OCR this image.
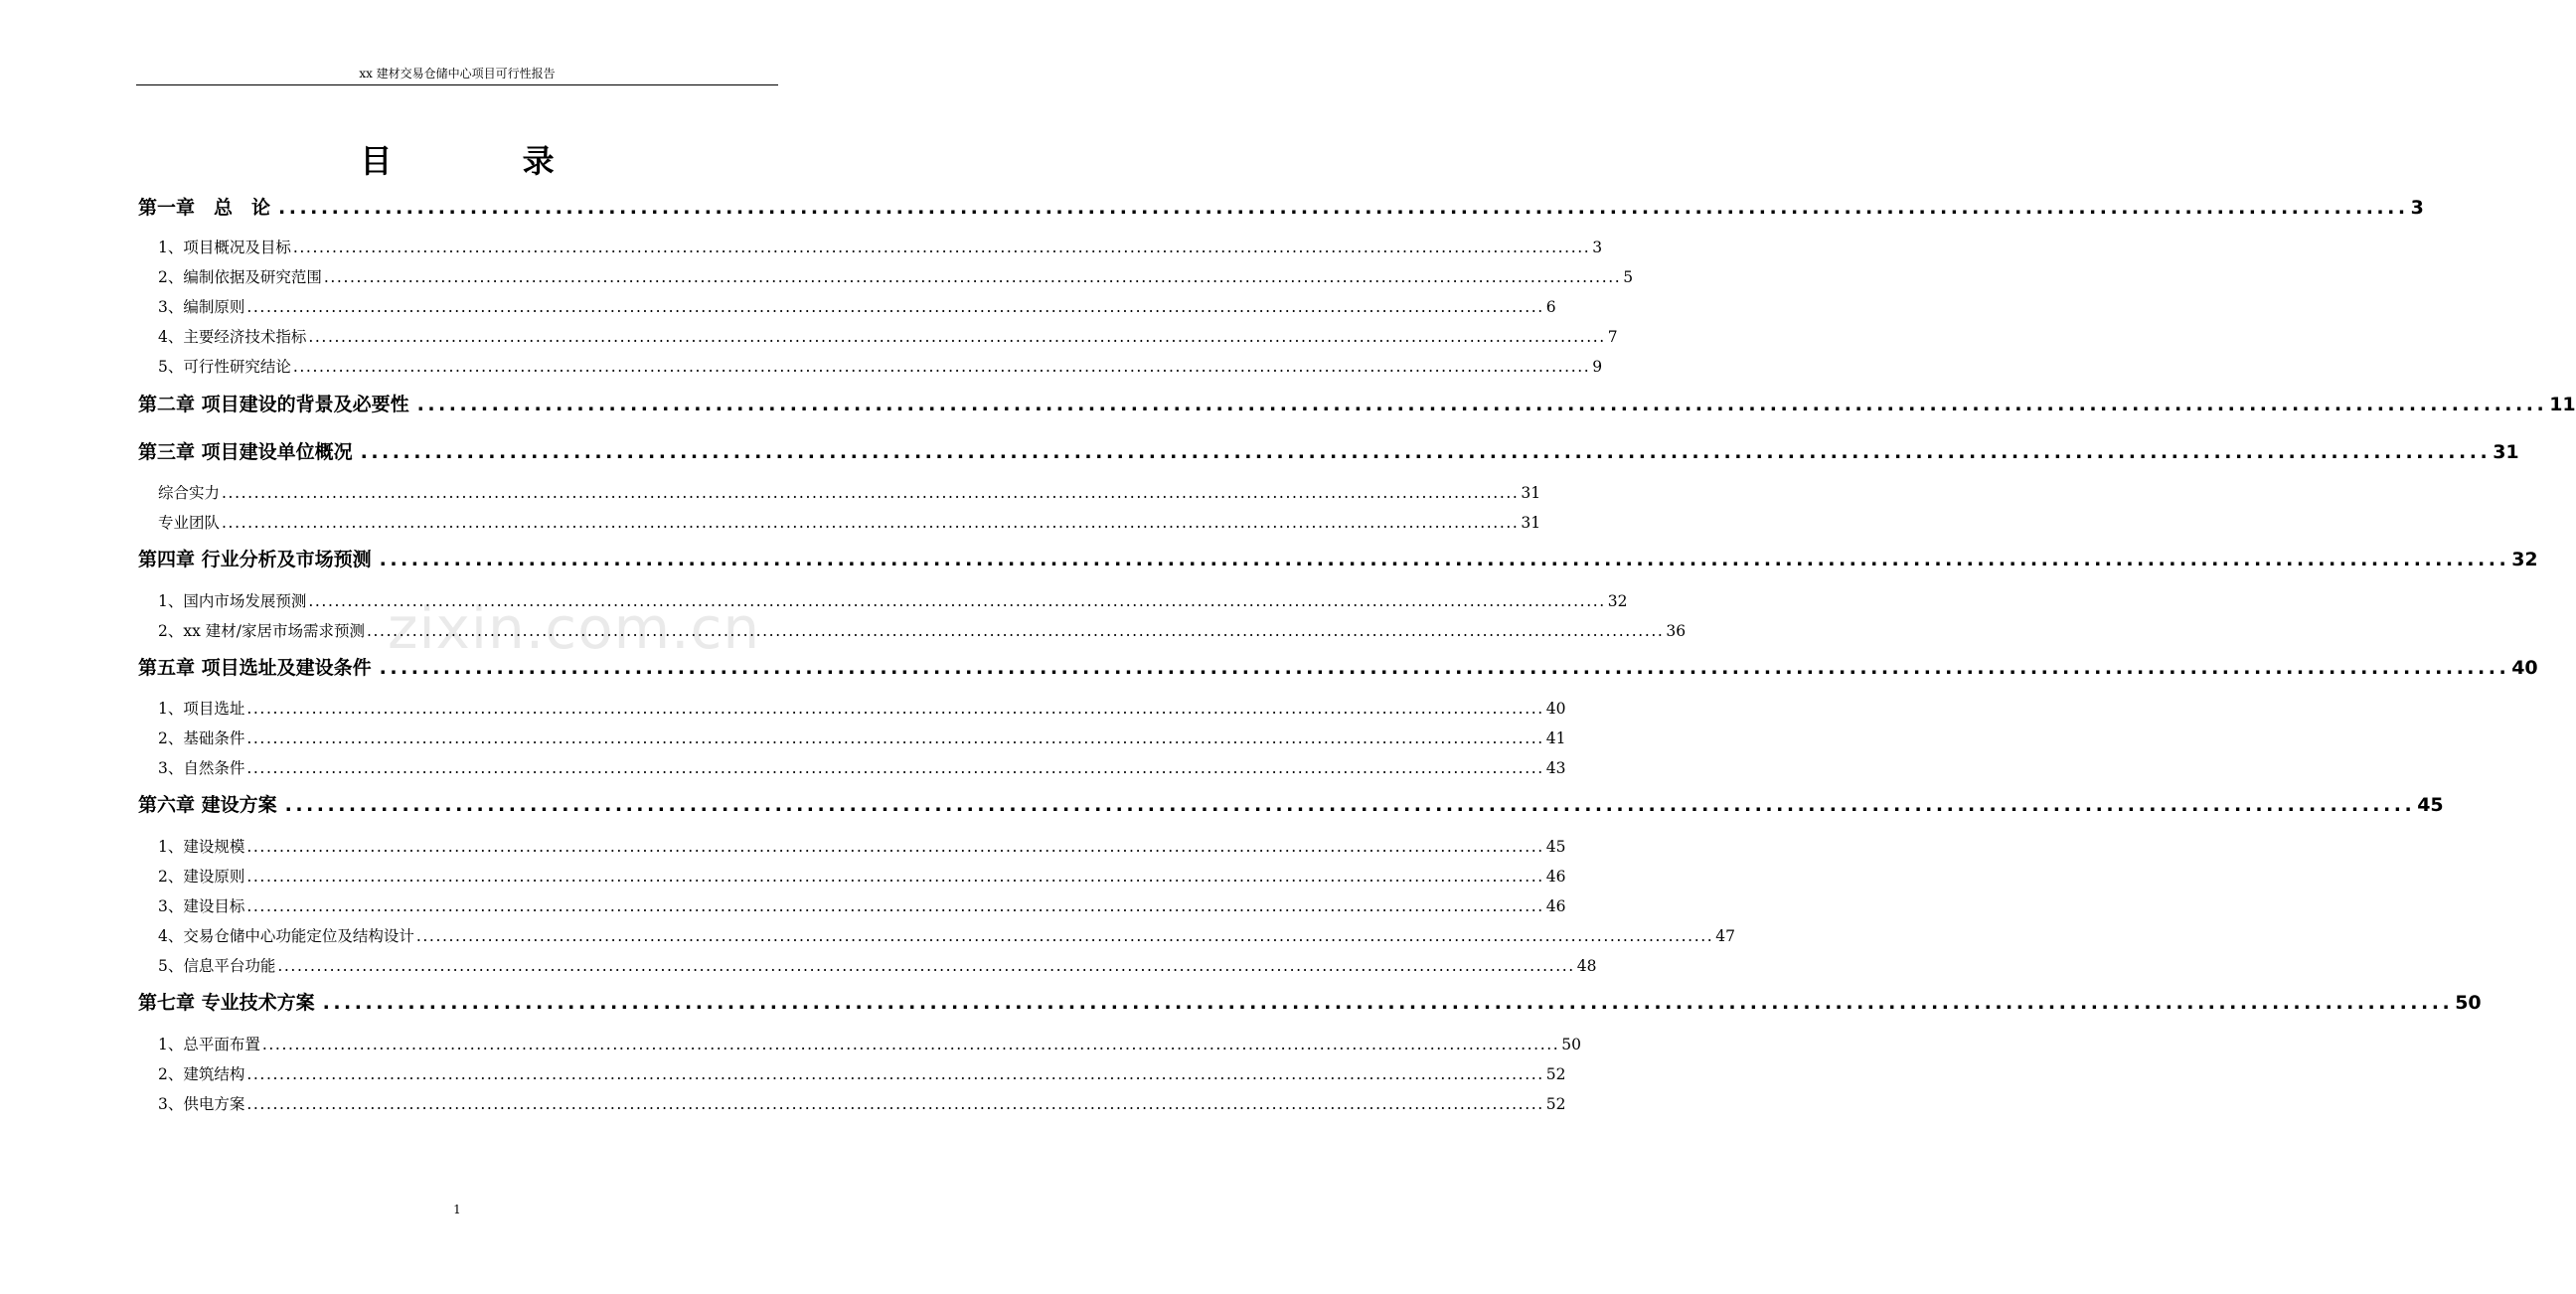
xx 建材交易仓储中心项目可行性报告
目 录
zixin.com.cn
第一章　总　论 ........................................................................................................................................................................................................ 3
1、项目概况及目标 ........................................................................................................................................................................................................ 3
2、编制依据及研究范围 ........................................................................................................................................................................................................ 5
3、编制原则 ........................................................................................................................................................................................................ 6
4、主要经济技术指标 ........................................................................................................................................................................................................ 7
5、可行性研究结论 ........................................................................................................................................................................................................ 9
第二章 项目建设的背景及必要性 ........................................................................................................................................................................................................ 11
第三章 项目建设单位概况 ........................................................................................................................................................................................................ 31
综合实力 ........................................................................................................................................................................................................ 31
专业团队 ........................................................................................................................................................................................................ 31
第四章 行业分析及市场预测 ........................................................................................................................................................................................................ 32
1、国内市场发展预测 ........................................................................................................................................................................................................ 32
2、xx 建材/家居市场需求预测 ........................................................................................................................................................................................................ 36
第五章 项目选址及建设条件 ........................................................................................................................................................................................................ 40
1、项目选址 ........................................................................................................................................................................................................ 40
2、基础条件 ........................................................................................................................................................................................................ 41
3、自然条件 ........................................................................................................................................................................................................ 43
第六章 建设方案 ........................................................................................................................................................................................................ 45
1、建设规模 ........................................................................................................................................................................................................ 45
2、建设原则 ........................................................................................................................................................................................................ 46
3、建设目标 ........................................................................................................................................................................................................ 46
4、交易仓储中心功能定位及结构设计 ........................................................................................................................................................................................................ 47
5、信息平台功能 ........................................................................................................................................................................................................ 48
第七章 专业技术方案 ........................................................................................................................................................................................................ 50
1、总平面布置 ........................................................................................................................................................................................................ 50
2、建筑结构 ........................................................................................................................................................................................................ 52
3、供电方案 ........................................................................................................................................................................................................ 52
1
